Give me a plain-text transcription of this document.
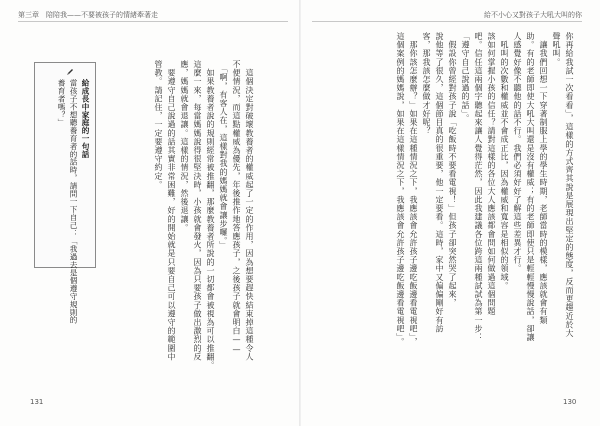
第三章　陪陪我——不要被孩子的情緒牽著走	給不小心又對孩子大吼大叫的你
你再給我試一次看看」，這樣的方式齊其說是展現出堅定的態度，反而更趨近於大
聲吼叫。
　讓我們回想一下穿著制服上學的學生時期，老師當時的模樣，應該就會有類
助。有的老師即使大吼大叫還是沒有權威；有的老師即使只是輕輕慢慢說話，卻讓
人感覺好像不聽他的話不行。我們必須好好了解這些差異才行。
　吼叫的次數和權威並不會成正比，因為權威和寬容是相似的領域。
該如何掌握小孩的信任？請對這樣的各位大人應該都會問如何做過這個問題
吧。信任這兩個字聽起來讓人覺得茫然，因此我建議各位跨這兩種試試為第一步：
「遵守自己說過的話」。
　假設你曾經對孩子說「吃飯時不要看電視！」但孩子卻突然哭了起來，
說他等了很久，這個節目真的很重要，他一定要看。這時，家中又偏偏剛好有訪
客，那我該怎麼做才好呢？
　那你該怎麼辦？」如果在這種情況之下，我應該會允許孩子邊吃飯邊看電視吧」，
這個案例的媽媽說，如果在這樣情況之下，我應該會允許孩子邊吃飯邊看電視吧」。
　這個決定對破壞教養者的權威起了一定的作用，因為想要趕快結束掉這種令人
不便情況，而這點權威為優先，年後推作地答應孩子，之後孩子就會明白——
　「啊，有客人在，這樣對我的媽媽就會讓步囉。」
　如果教養者說的規則經常被推翻，那麼教養者所說的一切都會被視為可以推翻。
這麼一來，每當媽媽說得很堅決時，小孩就會發火，因為只要孩子做出激烈的反
應，媽媽就會退讓。這樣的情況，然後退讓。
　要遵守自己說過的話其實非常困難，好的開始就是只要自己可以遵守的範圍中
管教。請記住，一定要遵守約定。
給成長中家庭的一句話
當孩子不想聽養育者的話時，請問一下自己：「我過去是個遵守規則的
養育者嗎？」
131	130
